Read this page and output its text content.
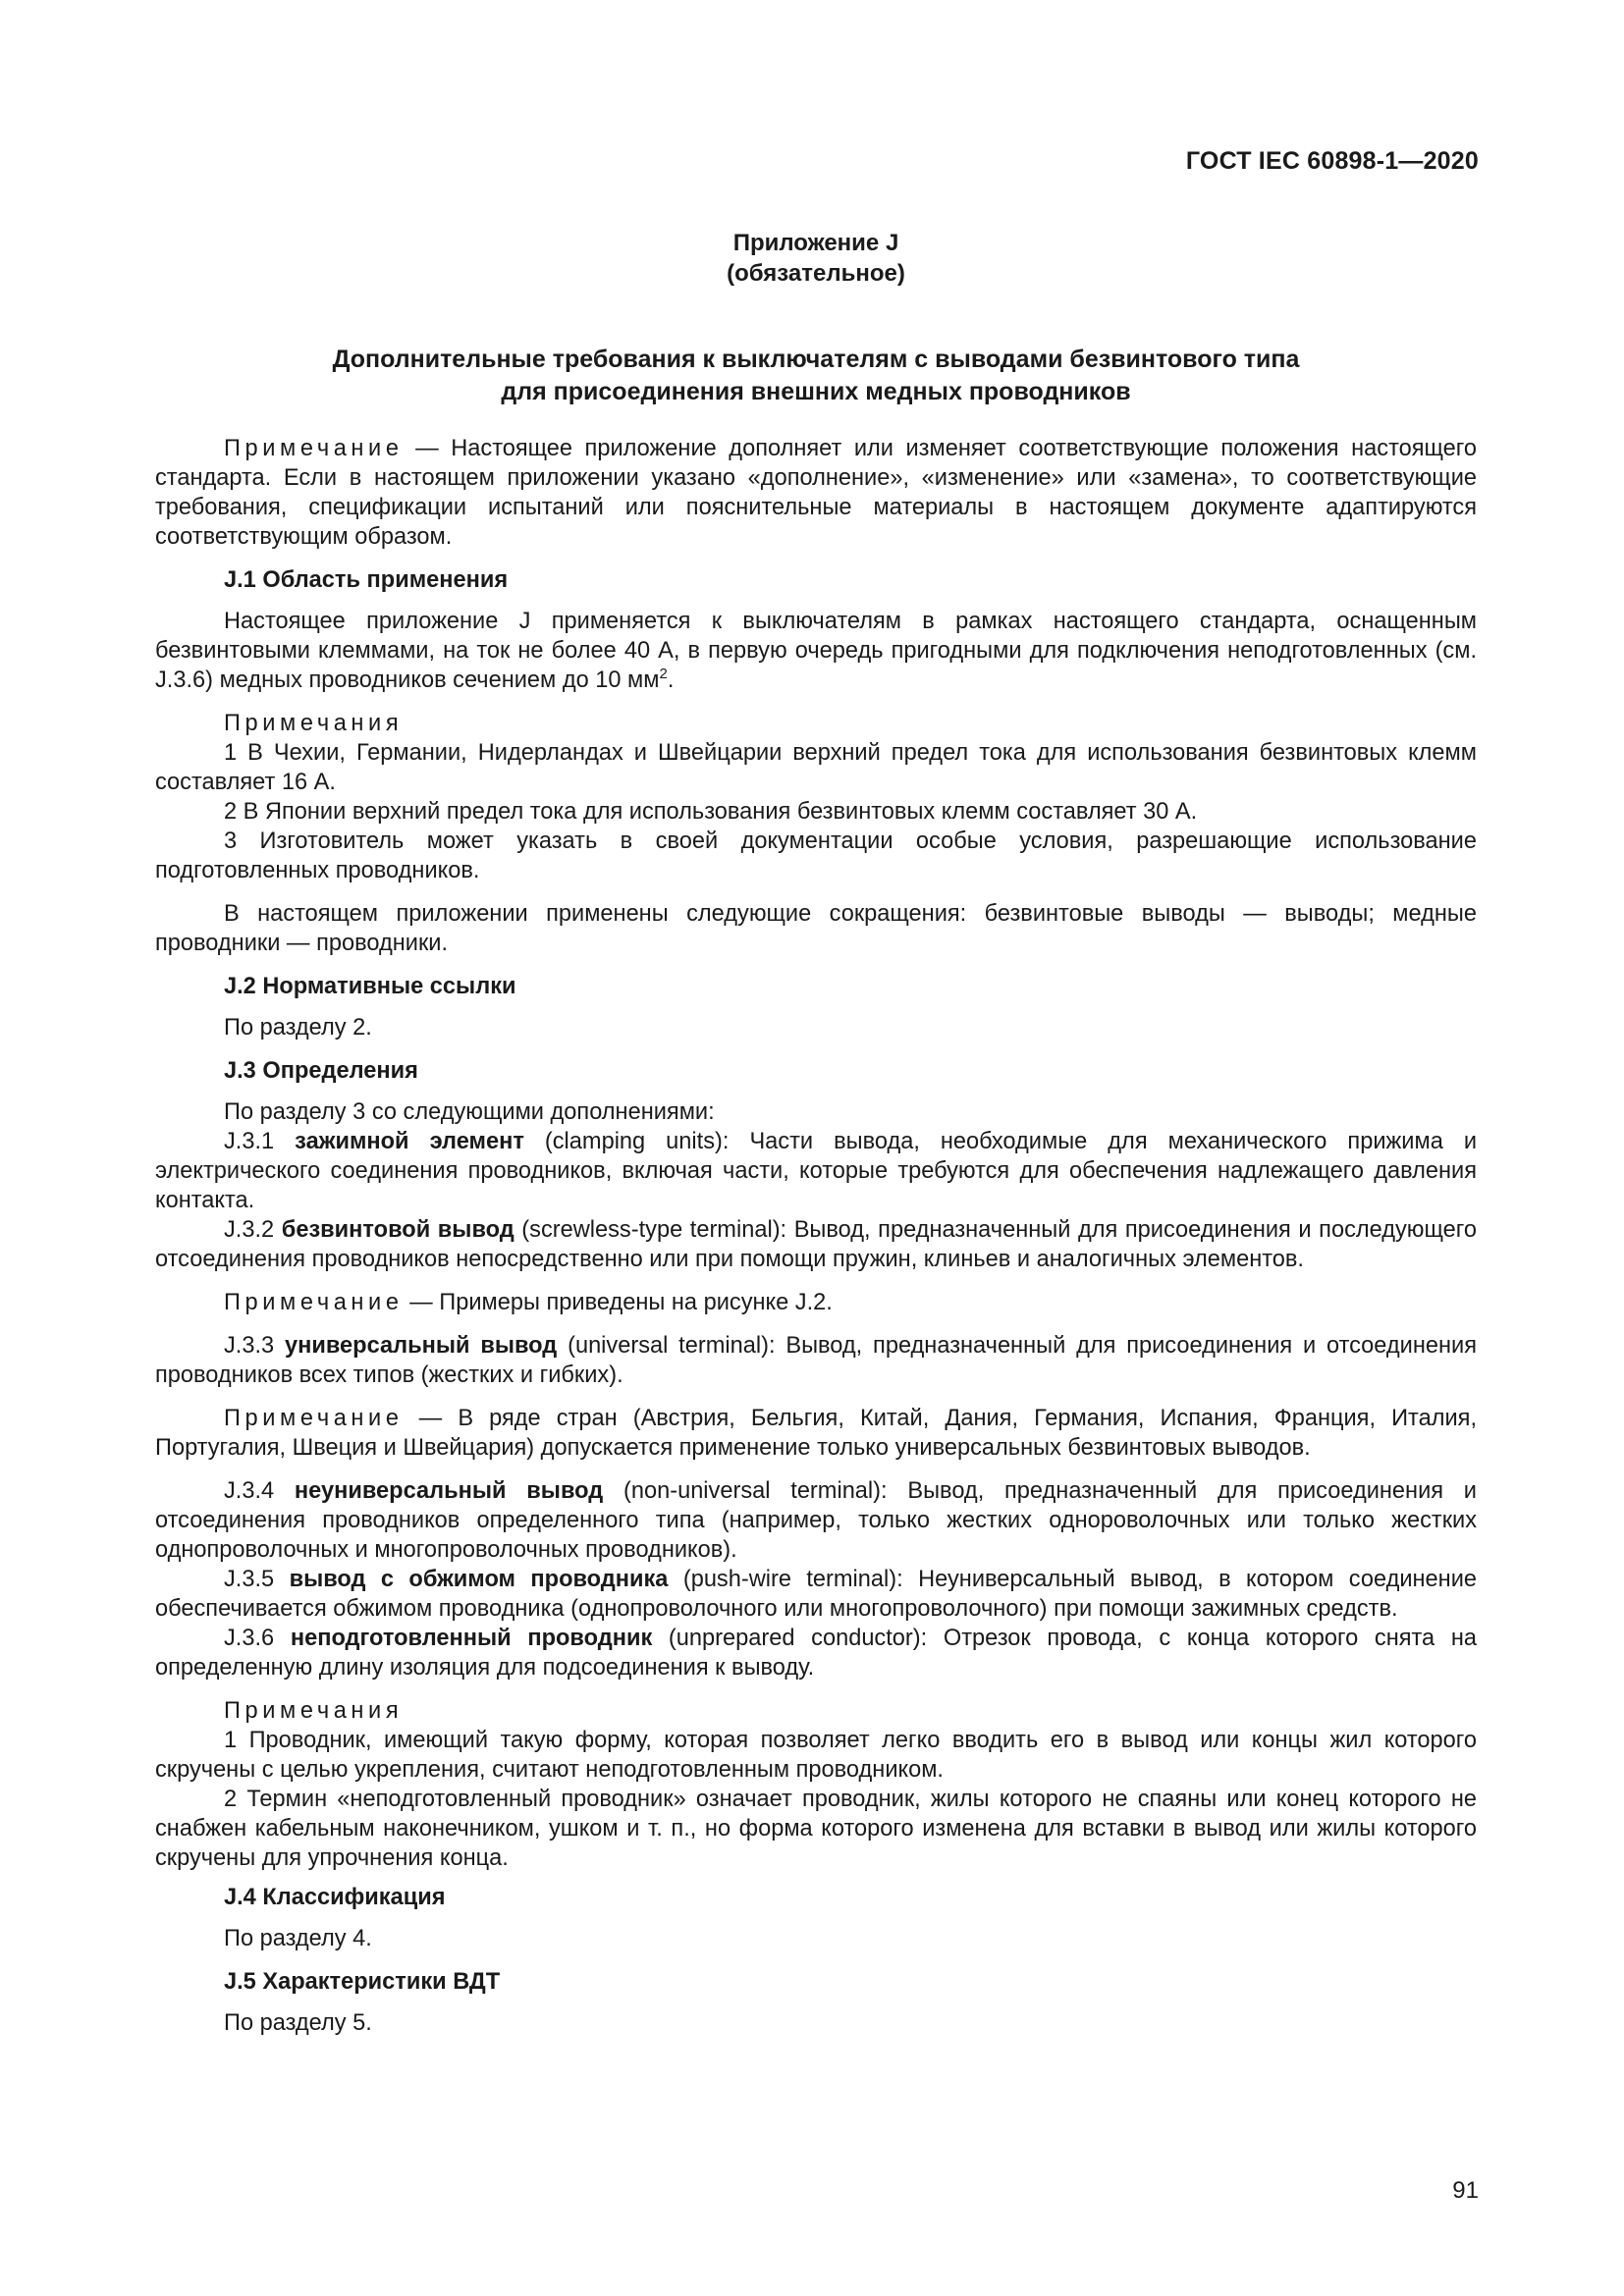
ГОСТ IEC 60898-1—2020
Приложение J
(обязательное)
Дополнительные требования к выключателям с выводами безвинтового типа
для присоединения внешних медных проводников

Примечание — Настоящее приложение дополняет или изменяет соответствующие положения настоящего стандарта. Если в настоящем приложении указано «дополнение», «изменение» или «замена», то соответствующие требования, спецификации испытаний или пояснительные материалы в настоящем документе адаптируются соответствующим образом.

J.1 Область применения

Настоящее приложение J применяется к выключателям в рамках настоящего стандарта, оснащенным безвинтовыми клеммами, на ток не более 40 А, в первую очередь пригодными для подключения неподготовленных (см. J.3.6) медных проводников сечением до 10 $мм^2$.

Примечания

1 В Чехии, Германии, Нидерландах и Швейцарии верхний предел тока для использования безвинтовых клемм составляет 16 А.

2 В Японии верхний предел тока для использования безвинтовых клемм составляет 30 А.

3 Изготовитель может указать в своей документации особые условия, разрешающие использование подготовленных проводников.

В настоящем приложении применены следующие сокращения: безвинтовые выводы — выводы; медные проводники — проводники.

J.2 Нормативные ссылки

По разделу 2.

J.3 Определения

По разделу 3 со следующими дополнениями:

J.3.1 зажимной элемент (clamping units): Части вывода, необходимые для механического прижима и электрического соединения проводников, включая части, которые требуются для обеспечения надлежащего давления контакта.

J.3.2 безвинтовой вывод (screwless-type terminal): Вывод, предназначенный для присоединения и последующего отсоединения проводников непосредственно или при помощи пружин, клиньев и аналогичных элементов.

Примечание — Примеры приведены на рисунке J.2.

J.3.3 универсальный вывод (universal terminal): Вывод, предназначенный для присоединения и отсоединения проводников всех типов (жестких и гибких).

Примечание — В ряде стран (Австрия, Бельгия, Китай, Дания, Германия, Испания, Франция, Италия, Португалия, Швеция и Швейцария) допускается применение только универсальных безвинтовых выводов.

J.3.4 неуниверсальный вывод (non-universal terminal): Вывод, предназначенный для присоединения и отсоединения проводников определенного типа (например, только жестких однороволочных или только жестких однопроволочных и многопроволочных проводников).

J.3.5 вывод с обжимом проводника (push-wire terminal): Неуниверсальный вывод, в котором соединение обеспечивается обжимом проводника (однопроволочного или многопроволочного) при помощи зажимных средств.

J.3.6 неподготовленный проводник (unprepared conductor): Отрезок провода, с конца которого снята на определенную длину изоляция для подсоединения к выводу.

Примечания

1 Проводник, имеющий такую форму, которая позволяет легко вводить его в вывод или концы жил которого скручены с целью укрепления, считают неподготовленным проводником.

2 Термин «неподготовленный проводник» означает проводник, жилы которого не спаяны или конец которого не снабжен кабельным наконечником, ушком и т. п., но форма которого изменена для вставки в вывод или жилы которого скручены для упрочнения конца.

J.4 Классификация

По разделу 4.

J.5 Характеристики ВДТ

По разделу 5.

91
